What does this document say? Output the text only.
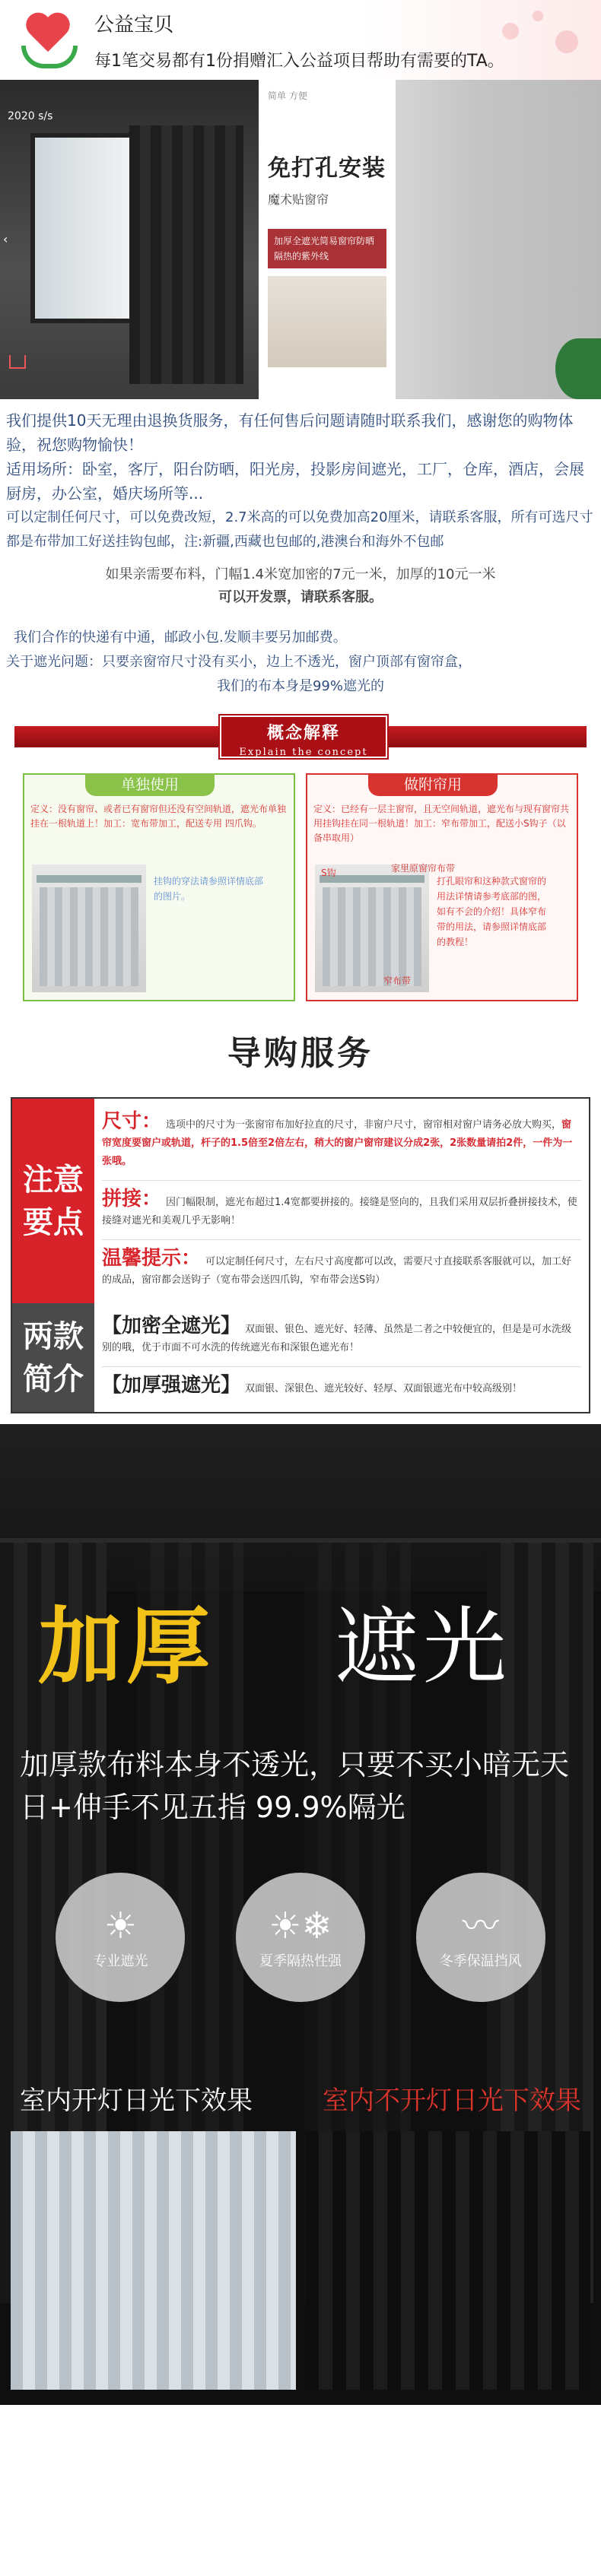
公益宝贝
每1笔交易都有1份捐赠汇入公益项目帮助有需要的TA。
2020 s/s
‹
简单 方便
免打孔安装
魔术贴窗帘
加厚全遮光简易窗帘防晒隔热的紫外线
我们提供10天无理由退换货服务，有任何售后问题请随时联系我们，感谢您的购物体验，祝您购物愉快！
适用场所：卧室，客厅，阳台防晒，阳光房，投影房间遮光，工厂，仓库，酒店，会展厨房，办公室，婚庆场所等...
可以定制任何尺寸，可以免费改短，2.7米高的可以免费加高20厘米，请联系客服，所有可选尺寸都是布带加工好送挂钩包邮，注:新疆,西藏也包邮的,港澳台和海外不包邮
如果亲需要布料，门幅1.4米宽加密的7元一米，加厚的10元一米
可以开发票，请联系客服。
我们合作的快递有中通，邮政小包.发顺丰要另加邮费。
关于遮光问题：只要亲窗帘尺寸没有买小，边上不透光，窗户顶部有窗帘盒，
我们的布本身是99%遮光的
概念解释
Explain the concept
单独使用
定义：没有窗帘、或者已有窗帘但还没有空间轨道，遮光布单独挂在一根轨道上！加工：宽布带加工，配送专用 四爪钩。
挂钩的穿法请参照详情底部的图片。
做附帘用
定义：已经有一层主窗帘，且无空间轨道，遮光布与现有窗帘共用挂钩挂在同一根轨道！加工：窄布带加工，配送小S钩子（以备串取用）
S钩	家里原窗帘布带
窄布带
打孔眼帘和这种款式窗帘的用法详情请参考底部的图，如有不会的介绍！具体窄布带的用法，请参照详情底部的教程！
导购服务
注意要点
尺寸： 选项中的尺寸为一张窗帘布加好拉直的尺寸，非窗户尺寸，窗帘相对窗户请务必放大购买，窗帘宽度要窗户或轨道，杆子的1.5倍至2倍左右，稍大的窗户窗帘建议分成2张，2张数量请拍2件，一件为一张哦。
拼接： 因门幅限制，遮光布超过1.4宽都要拼接的。接缝是竖向的，且我们采用双层折叠拼接技术，使接缝对遮光和美观几乎无影响！
温馨提示： 可以定制任何尺寸，左右尺寸高度都可以改，需要尺寸直接联系客服就可以，加工好的成品，窗帘都会送钩子（宽布带会送四爪钩，窄布带会送S钩）
两款简介
【加密全遮光】 双面银、银色、遮光好、轻薄、虽然是二者之中较便宜的，但是是可水洗级别的哦，优于市面不可水洗的传统遮光布和深银色遮光布！
【加厚强遮光】 双面银、深银色、遮光较好、轻厚、双面银遮光布中较高级别！
加厚 遮光
加厚款布料本身不透光，只要不买小暗无天日+伸手不见五指 99.9%隔光
☀
专业遮光
☀❄
夏季隔热性强
〰
冬季保温挡风
室内开灯日光下效果	室内不开灯日光下效果
